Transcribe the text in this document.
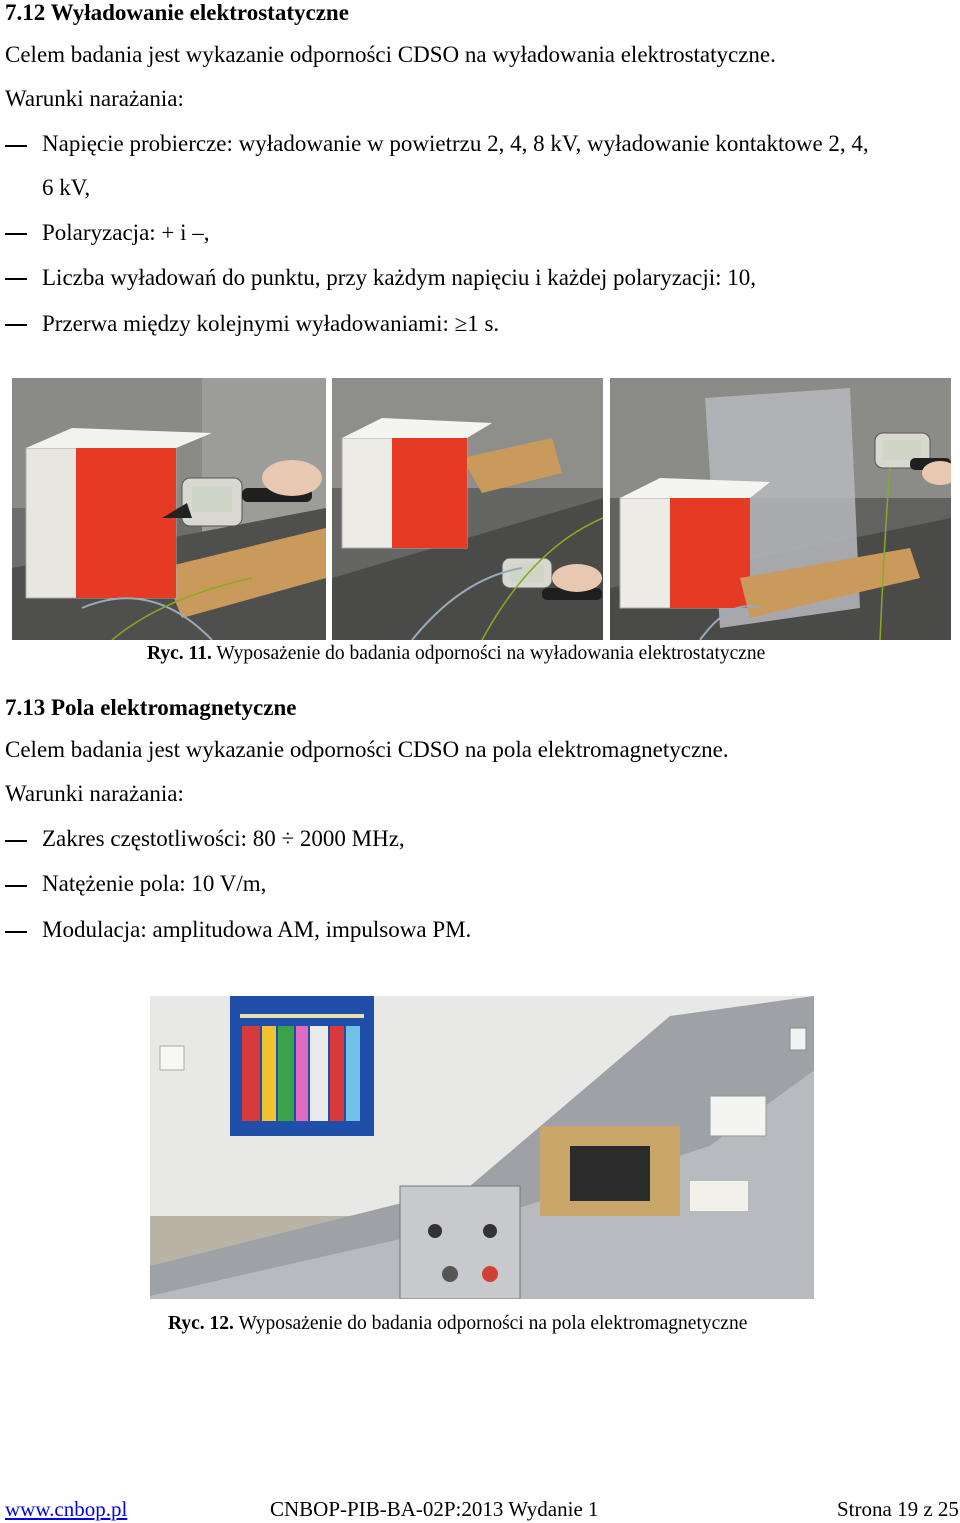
7.12 Wyładowanie elektrostatyczne
Celem badania jest wykazanie odporności CDSO na wyładowania elektrostatyczne.
Warunki narażania:
Napięcie probiercze: wyładowanie w powietrzu 2, 4, 8 kV, wyładowanie kontaktowe 2, 4,
6 kV,
Polaryzacja: + i –,
Liczba wyładowań do punktu, przy każdym napięciu i każdej polaryzacji: 10,
Przerwa między kolejnymi wyładowaniami: ≥1 s.
Ryc. 11. Wyposażenie do badania odporności na wyładowania elektrostatyczne
7.13 Pola elektromagnetyczne
Celem badania jest wykazanie odporności CDSO na pola elektromagnetyczne.
Warunki narażania:
Zakres częstotliwości: 80 ÷ 2000 MHz,
Natężenie pola: 10 V/m,
Modulacja: amplitudowa AM, impulsowa PM.
Ryc. 12. Wyposażenie do badania odporności na pola elektromagnetyczne
www.cnbop.pl	CNBOP-PIB-BA-02P:2013 Wydanie 1	Strona 19 z 25
